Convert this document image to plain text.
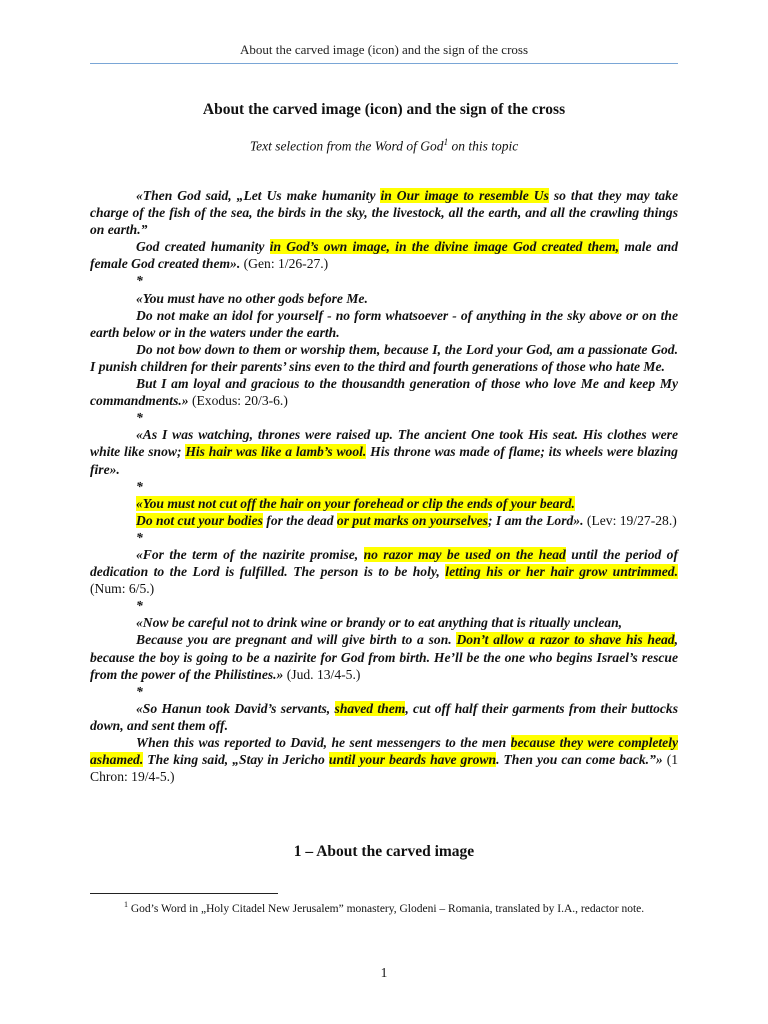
About the carved image (icon) and the sign of the cross
About the carved image (icon) and the sign of the cross
Text selection from the Word of God$^1$ on this topic

«Then God said, „Let Us make humanity in Our image to resemble Us so that they may take charge of the fish of the sea, the birds in the sky, the livestock, all the earth, and all the crawling things on earth.”

God created humanity in God’s own image, in the divine image God created them, male and female God created them». (Gen: 1/26-27.)

*

«You must have no other gods before Me.

Do not make an idol for yourself - no form whatsoever - of anything in the sky above or on the earth below or in the waters under the earth.

Do not bow down to them or worship them, because I, the Lord your God, am a passionate God. I punish children for their parents’ sins even to the third and fourth generations of those who hate Me.

But I am loyal and gracious to the thousandth generation of those who love Me and keep My commandments.» (Exodus: 20/3-6.)

*

«As I was watching, thrones were raised up. The ancient One took His seat. His clothes were white like snow; His hair was like a lamb’s wool. His throne was made of flame; its wheels were blazing fire».

*

«You must not cut off the hair on your forehead or clip the ends of your beard.

Do not cut your bodies for the dead or put marks on yourselves; I am the Lord». (Lev: 19/27-28.)

*

«For the term of the nazirite promise, no razor may be used on the head until the period of dedication to the Lord is fulfilled. The person is to be holy, letting his or her hair grow untrimmed. (Num: 6/5.)

*

«Now be careful not to drink wine or brandy or to eat anything that is ritually unclean,

Because you are pregnant and will give birth to a son. Don’t allow a razor to shave his head, because the boy is going to be a nazirite for God from birth. He’ll be the one who begins Israel’s rescue from the power of the Philistines.» (Jud. 13/4-5.)

*

«So Hanun took David’s servants, shaved them, cut off half their garments from their buttocks down, and sent them off.

When this was reported to David, he sent messengers to the men because they were completely ashamed. The king said, „Stay in Jericho until your beards have grown. Then you can come back.”» (1 Chron: 19/4-5.)

1 – About the carved image
$^1$ God’s Word in „Holy Citadel New Jerusalem” monastery, Glodeni – Romania, translated by I.A., redactor note.
1
